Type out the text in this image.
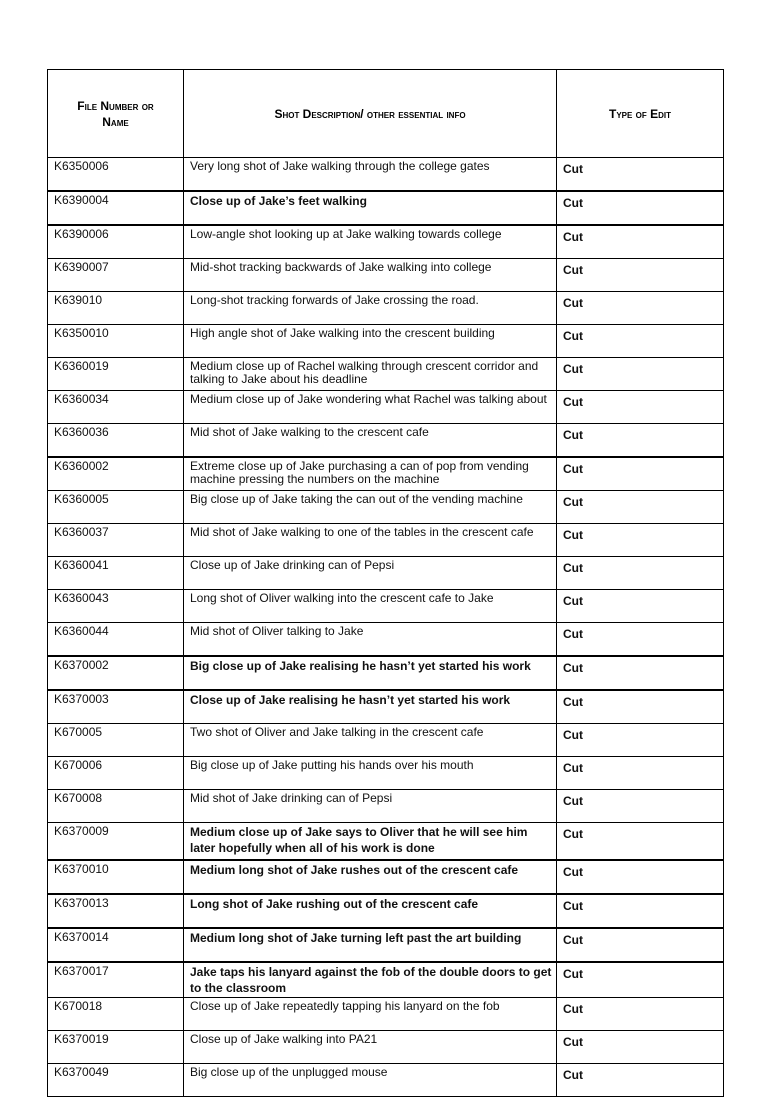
File Number or Name	Shot Description/ other essential info	Type of Edit
K6350006	Very long shot of Jake walking through the college gates	Cut
K6390004	Close up of Jake’s feet walking	Cut
K6390006	Low-angle shot looking up at Jake walking towards college	Cut
K6390007	Mid-shot tracking backwards of Jake walking into college	Cut
K639010	Long-shot tracking forwards of Jake crossing the road.	Cut
K6350010	High angle shot of Jake walking into the crescent building	Cut
K6360019	Medium close up of Rachel walking through crescent corridor and talking to Jake about his deadline	Cut
K6360034	Medium close up of Jake wondering what Rachel was talking about	Cut
K6360036	Mid shot of Jake walking to the crescent cafe	Cut
K6360002	Extreme close up of Jake purchasing a can of pop from vending machine pressing the numbers on the machine	Cut
K6360005	Big close up of Jake taking the can out of the vending machine	Cut
K6360037	Mid shot of Jake walking to one of the tables in the crescent cafe	Cut
K6360041	Close up of Jake drinking can of Pepsi	Cut
K6360043	Long shot of Oliver walking into the crescent cafe to Jake	Cut
K6360044	Mid shot of Oliver talking to Jake	Cut
K6370002	Big close up of Jake realising he hasn’t yet started his work	Cut
K6370003	Close up of Jake realising he hasn’t yet started his work	Cut
K670005	Two shot of Oliver and Jake talking in the crescent cafe	Cut
K670006	Big close up of Jake putting his hands over his mouth	Cut
K670008	Mid shot of Jake drinking can of Pepsi	Cut
K6370009	Medium close up of Jake says to Oliver that he will see him later hopefully when all of his work is done	Cut
K6370010	Medium long shot of Jake rushes out of the crescent cafe	Cut
K6370013	Long shot of Jake rushing out of the crescent cafe	Cut
K6370014	Medium long shot of Jake turning left past the art building	Cut
K6370017	Jake taps his lanyard against the fob of the double doors to get to the classroom	Cut
K670018	Close up of Jake repeatedly tapping his lanyard on the fob	Cut
K6370019	Close up of Jake walking into PA21	Cut
K6370049	Big close up of the unplugged mouse	Cut
